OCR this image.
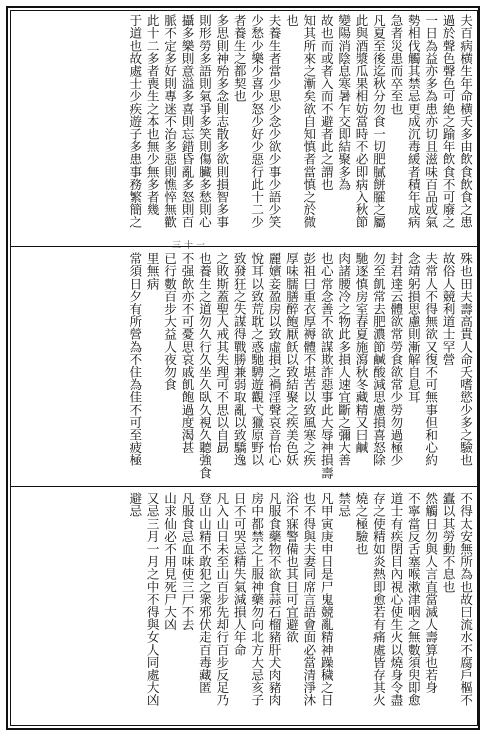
三十一
夫百病横生年命横夭多由飲食飲食之患
過於聲色聲色可絶之踰年飲食不可廢之
一日為益亦多為患亦切且滋味百品或氣
勢相伐觸其禁忌更成沉毒緩者積年成病
急者災患而卒至也
凡夏至後迄秋分勿食一切肥膩餅臛之屬
此與酒漿瓜果相妨當時不必即病入秋節
變陽消陰息寒暑乍交即結聚多為
故也而或者入而不避者此之謂也
知其所來之漸矣欲自知慎者當慎之於微
也
夫養生者當少思少念少欲少事少語少笑
少愁少樂少喜少怒少好少惡行此十二少
者養生之都契也
多思則神殆多念則志散多欲則損智多事
則形勞多語則氣爭多笑則傷臟多愁則心
攝多樂則意溢多喜則忘錯昏亂多怒則百
脈不定多好則專迷不治多惡則憔悴無歡
此十二多者喪生之本也無少無多者幾
于道也故處士少疾遊子多患事務繁簡之
殊也田夫壽高貴人命夭嗜慾少多之驗也
故俗人競利道士罕營
夫常人不得無欲又復不可無事但和心約
念靖躬損思慮則漸解自息耳
封君達云體欲常勞食欲常少勞勿過極少
勿至飢常去肥濃節鹹酸減思慮損喜怒除
馳逐慎房室春夏施瀉秋冬藏精又曰鹹
肉諸腰冷之物此多損人速宜斷之彌大善
也心常念善不欲謀欺詐惡事此大辱神損壽
彭祖曰重衣厚褥體不堪苦以致風寒之疾
厚味臑膳醉飽厭飫以致結聚之疾美色妖
麗嬪妾盈房以致虛損之禍淫聲哀音怡心
悅耳以致荒耽之惑馳騁遊觀弋獵原野以
致發狂之失謀得戰勝兼弱取亂以致驕逸
之敗斯蓋聖人戒其失理可不思以自勗
也養生之道勿久行久坐久臥久視久聽強食
不强飲亦不可憂思哀戚飢飽過度渴甚
已行數百步大益人夜勿食
里無病
常須日夕有所營為不住為佳不可至疲極
不得太安無所為也故曰流水不腐戶樞不
蠹以其勞動不息也
然觸日勿與人言直當滅人壽算也若身
不寧當反舌塞喉漱津咽之無數須臾即愈
道士有疾閉目內視心使生火以燒身令盡
存之使精如炎熱即愈若有痛處皆存其火
燒之極驗也
禁忌
凡甲寅庚申日是尸鬼競亂精神躁穢之日
也不得與夫妻同席言語會面必當清淨沐
浴不寐警備也其日可宜避欲
凡服食藥物不欲食蒜石榴豬肝犬肉豬肉
房中都禁之上服神藥勿向北方大忌亥子
日不可哭忌精失氣減損人年命
凡入山日未至山百步先却行百步反足乃
登山山精不敢犯之衆邪伏走百毒藏匿
凡服食忌血味使三尸不去
山求仙必不用見死尸大凶
又忌三月一月之中不得與女人同處大凶
避忌
